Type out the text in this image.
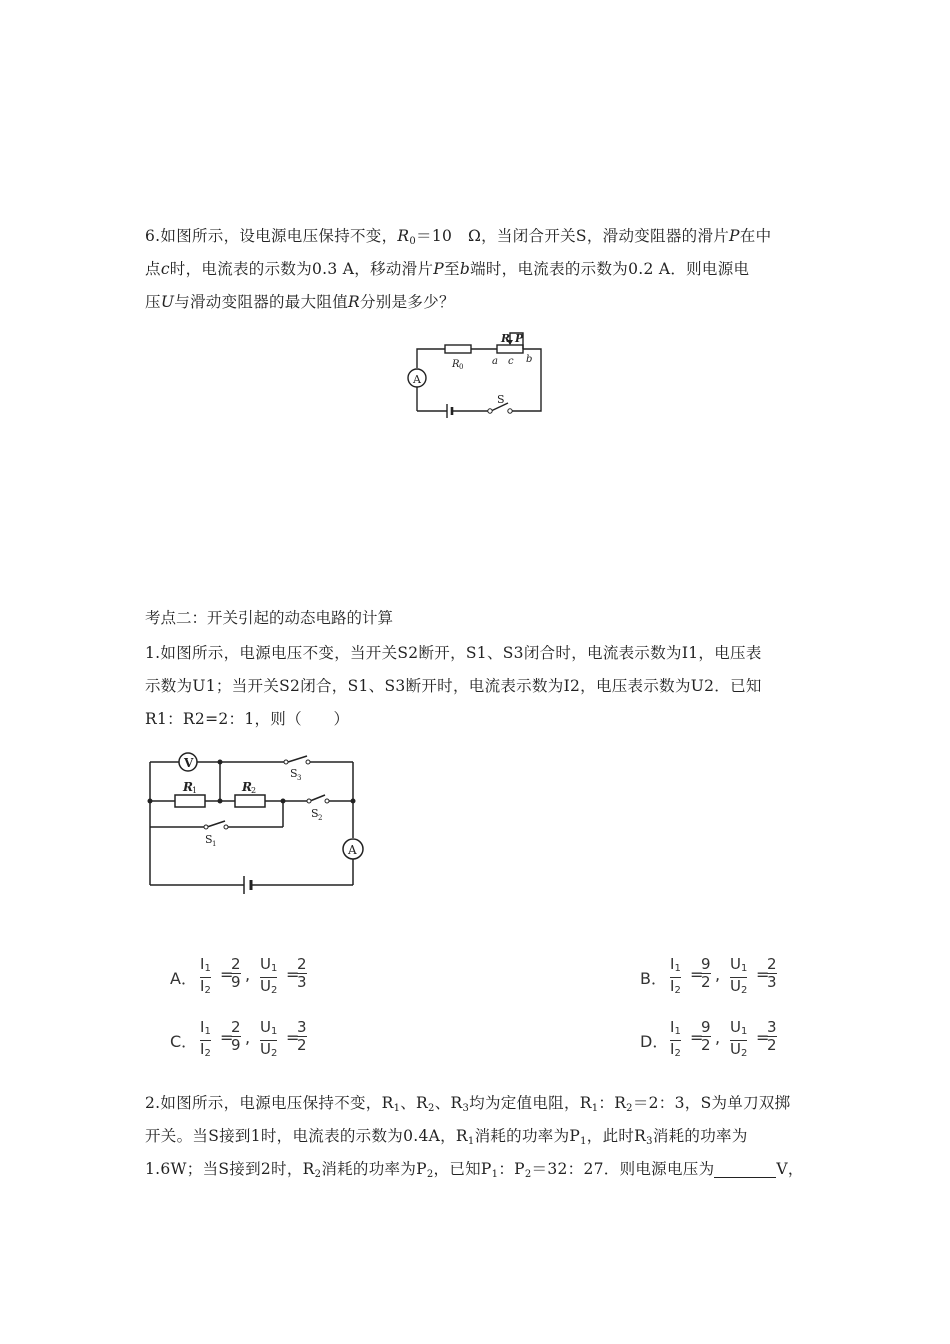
6.如图所示，设电源电压保持不变，$R_0=10$　Ω，当闭合开关S，滑动变阻器的滑片P在中
点c时，电流表的示数为0.3 A，移动滑片P至b端时，电流表的示数为0.2 A．则电源电
压U与滑动变阻器的最大阻值R分别是多少？
A
R 0
R P
a c b
S
考点二：开关引起的动态电路的计算
1.如图所示，电源电压不变，当开关S2断开，S1、S3闭合时，电流表示数为I1，电压表
示数为U1；当开关S2闭合，S1、S3断开时，电流表示数为I2，电压表示数为U2．已知
R1：R2=2：1，则（　　）
V
A
R 1	R 2
S 3
S 2
S 1
A．
$I_1$
$I_2$
=
2
9 ,
$U_1$
$U_2$
=
2
3	B．
$I_1$
$I_2$
=
9
2 ,
$U_1$
$U_2$
=
2
3
C．
$I_1$
$I_2$
=
2
9 ,
$U_1$
$U_2$
=
3
2	D．
$I_1$
$I_2$
=
9
2 ,
$U_1$
$U_2$
=
3
2
2.如图所示，电源电压保持不变，$R_1$、$R_2$、$R_3$均为定值电阻，$R_1$：$R_2=2$：3，S为单刀双掷
开关。当S接到1时，电流表的示数为0.4A，$R_1$消耗的功率为$P_1$，此时$R_3$消耗的功率为
1.6W；当S接到2时，$R_2$消耗的功率为$P_2$，已知$P_1$：$P_2=32$：27．则电源电压为	V，
